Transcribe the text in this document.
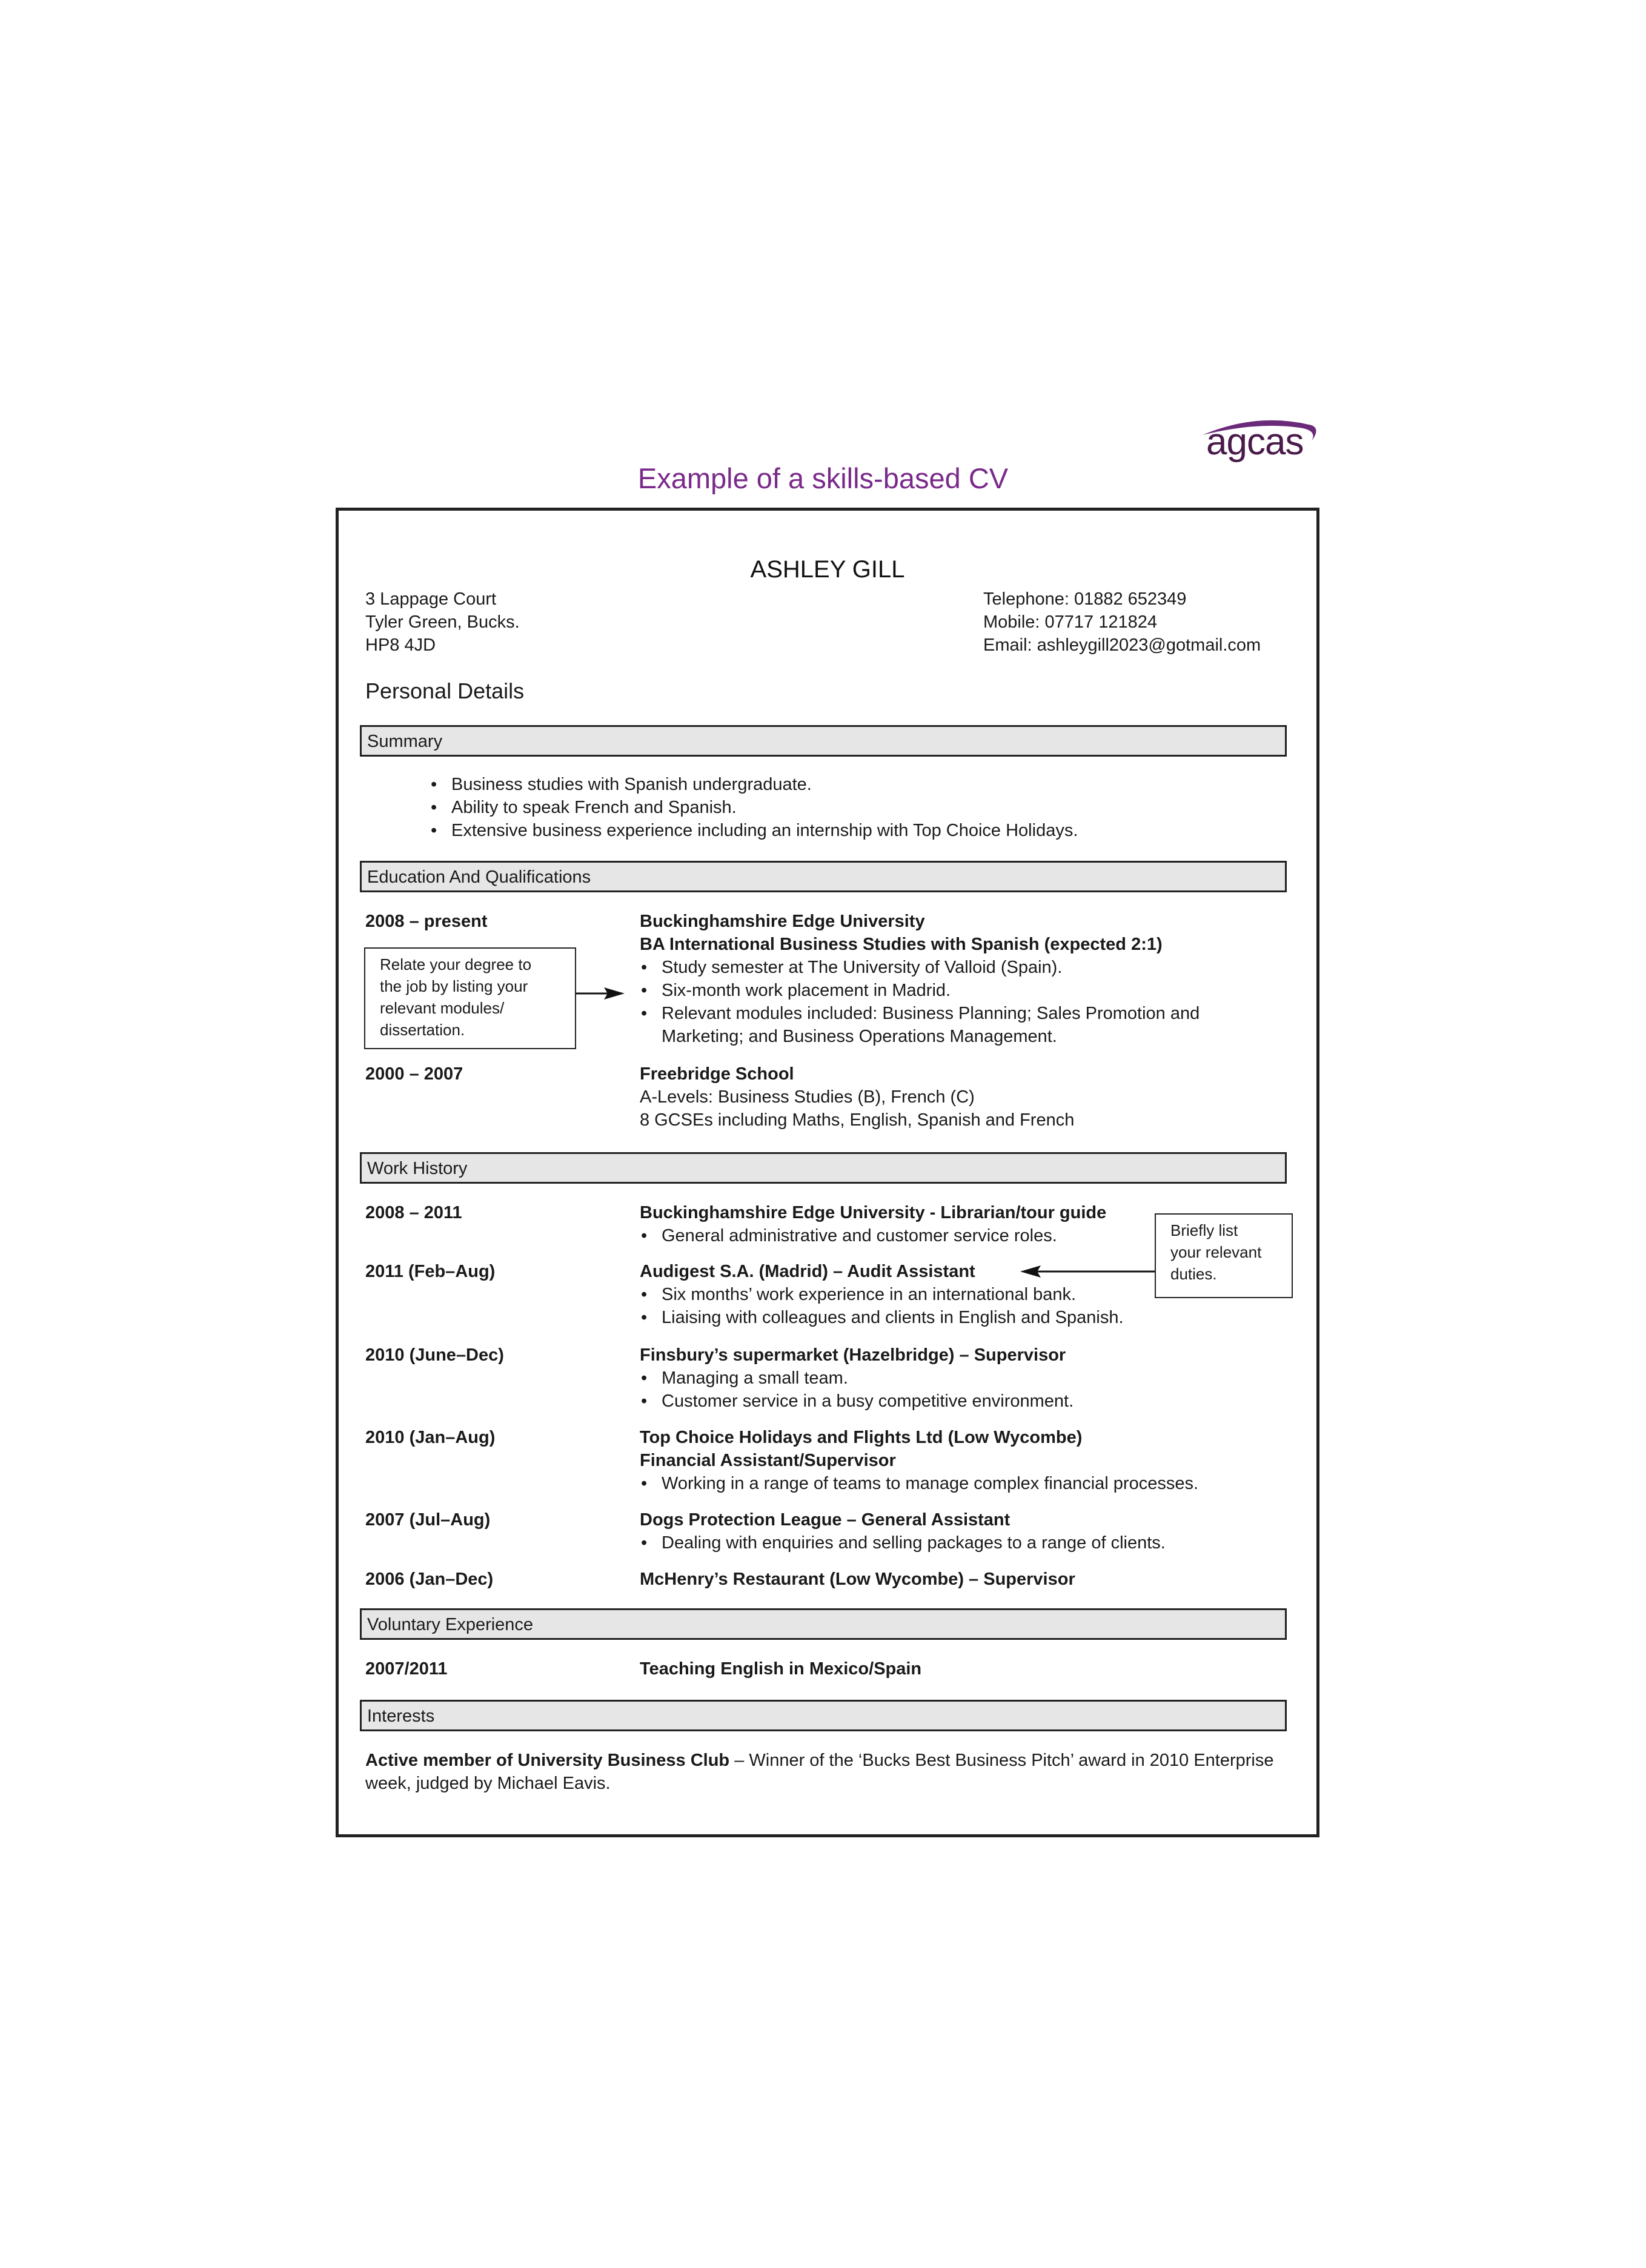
agcas
Example of a skills-based CV
ASHLEY GILL
3 Lappage Court
Tyler Green, Bucks.
HP8 4JD
Telephone: 01882 652349
Mobile: 07717 121824
Email: ashleygill2023@gotmail.com
Personal Details
Summary
• Business studies with Spanish undergraduate.
• Ability to speak French and Spanish.
• Extensive business experience including an internship with Top Choice Holidays.
Education And Qualifications
2008 – present	Buckinghamshire Edge University
BA International Business Studies with Spanish (expected 2:1)
• Study semester at The University of Valloid (Spain).
• Six-month work placement in Madrid.
• Relevant modules included: Business Planning; Sales Promotion and
Marketing; and Business Operations Management.
Relate your degree to
the job by listing your
relevant modules/
dissertation.
2000 – 2007	Freebridge School
A-Levels: Business Studies (B), French (C)
8 GCSEs including Maths, English, Spanish and French
Work History
2008 – 2011	Buckinghamshire Edge University - Librarian/tour guide
• General administrative and customer service roles.
2011 (Feb–Aug)	Audigest S.A. (Madrid) – Audit Assistant
• Six months’ work experience in an international bank.
• Liaising with colleagues and clients in English and Spanish.
Briefly list
your relevant
duties.
2010 (June–Dec)	Finsbury’s supermarket (Hazelbridge) – Supervisor
• Managing a small team.
• Customer service in a busy competitive environment.
2010 (Jan–Aug)	Top Choice Holidays and Flights Ltd (Low Wycombe)
Financial Assistant/Supervisor
• Working in a range of teams to manage complex financial processes.
2007 (Jul–Aug)	Dogs Protection League – General Assistant
• Dealing with enquiries and selling packages to a range of clients.
2006 (Jan–Dec)	McHenry’s Restaurant (Low Wycombe) – Supervisor
Voluntary Experience
2007/2011	Teaching English in Mexico/Spain
Interests
Active member of University Business Club – Winner of the ‘Bucks Best Business Pitch’ award in 2010 Enterprise
week, judged by Michael Eavis.
